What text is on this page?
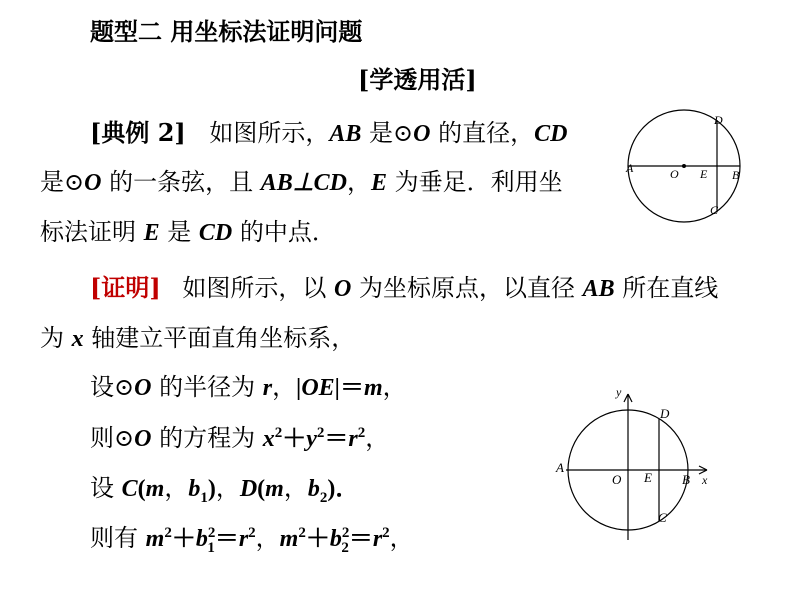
题型二 用坐标法证明问题
[学透用活]
[典例 2] 如图所示，AB 是⊙O 的直径，CD
是⊙O 的一条弦，且 AB⊥CD，E 为垂足．利用坐
标法证明 E 是 CD 的中点．
[证明] 如图所示，以 O 为坐标原点，以直径 AB 所在直线
为 x 轴建立平面直角坐标系，
设⊙O 的半径为 r，|OE|＝m，
则⊙O 的方程为 $x^2+y^2=r^2$，
设 C(m，$b_1$)，D(m，$b_2$)．
则有 $m^2+b^2_1=r^2$，$m^2+b^2_2=r^2$，
A	O E B
D
C
y
x
A
O E B
D
C
